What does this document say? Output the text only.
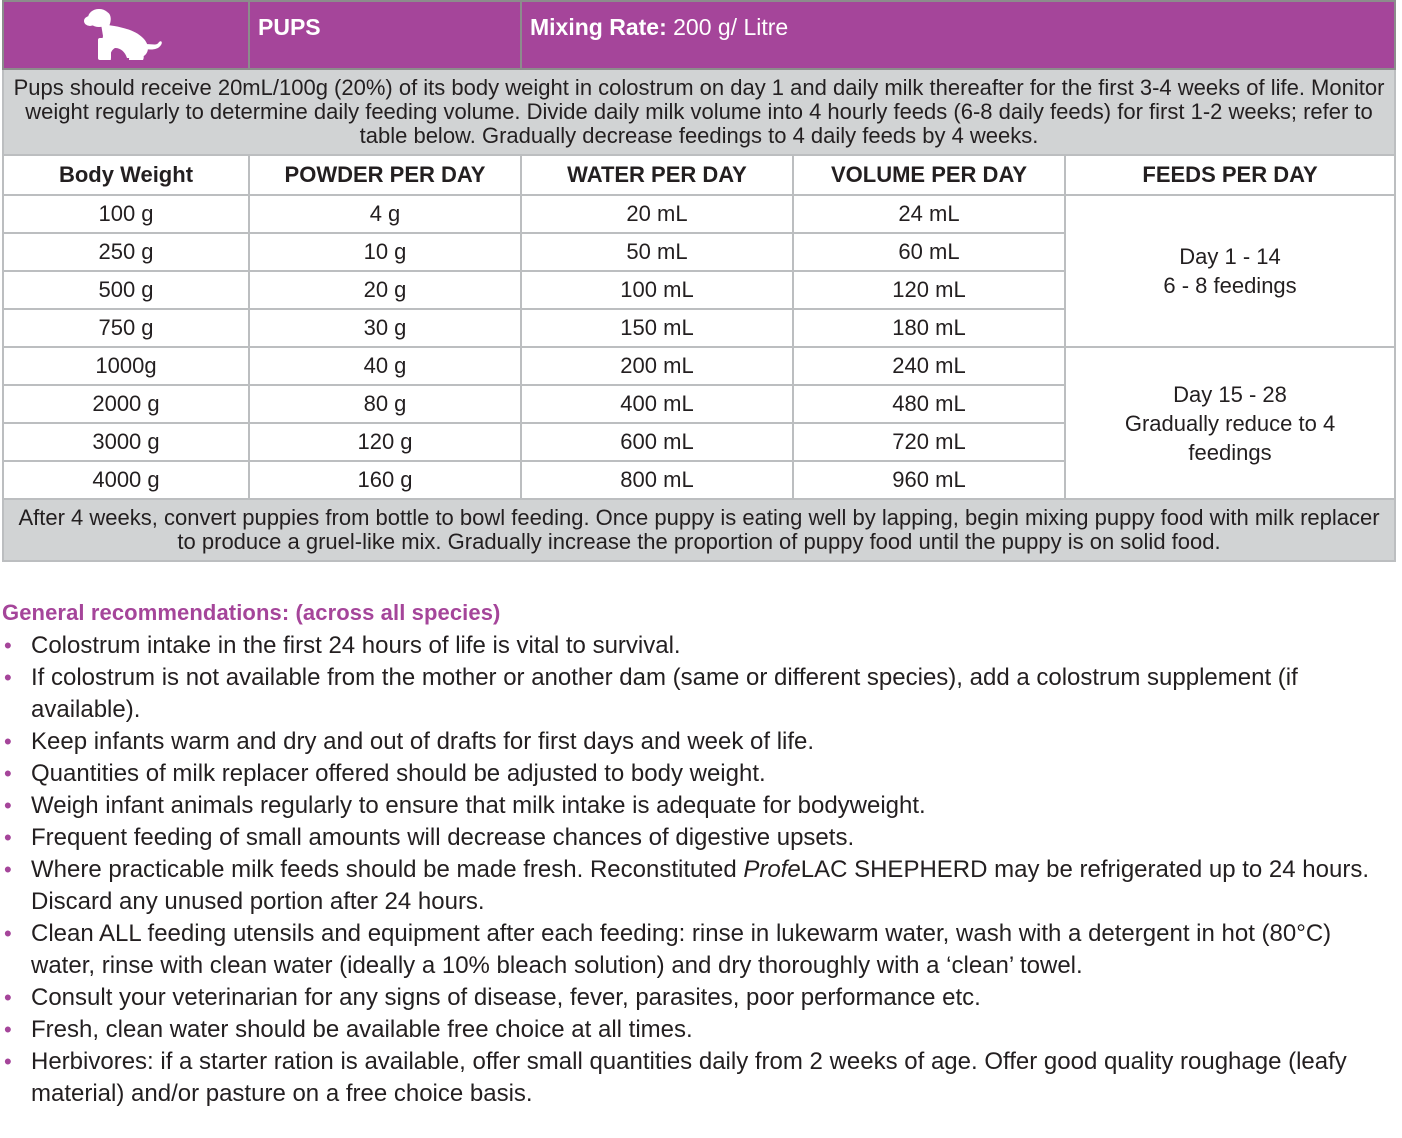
	PUPS	Mixing Rate: 200 g/ Litre		
Pups should receive 20mL/100g (20%) of its body weight in colostrum on day 1 and daily milk thereafter for the first 3-4 weeks of life. Monitor weight regularly to determine daily feeding volume. Divide daily milk volume into 4 hourly feeds (6-8 daily feeds) for first 1-2 weeks; refer to table below. Gradually decrease feedings to 4 daily feeds by 4 weeks.				
Body Weight	POWDER PER DAY	WATER PER DAY	VOLUME PER DAY	FEEDS PER DAY
100 g	4 g	20 mL	24 mL	Day 1 - 14
6 - 8 feedings
250 g	10 g	50 mL	60 mL	
500 g	20 g	100 mL	120 mL	
750 g	30 g	150 mL	180 mL	
1000g	40 g	200 mL	240 mL	Day 15 - 28
Gradually reduce to 4 feedings
2000 g	80 g	400 mL	480 mL	
3000 g	120 g	600 mL	720 mL	
4000 g	160 g	800 mL	960 mL	
After 4 weeks, convert puppies from bottle to bowl feeding. Once puppy is eating well by lapping, begin mixing puppy food with milk replacer to produce a gruel-like mix. Gradually increase the proportion of puppy food until the puppy is on solid food.				
General recommendations: (across all species)
• Colostrum intake in the first 24 hours of life is vital to survival.
• If colostrum is not available from the mother or another dam (same or different species), add a colostrum supplement (if available).
• Keep infants warm and dry and out of drafts for first days and week of life.
• Quantities of milk replacer offered should be adjusted to body weight.
• Weigh infant animals regularly to ensure that milk intake is adequate for bodyweight.
• Frequent feeding of small amounts will decrease chances of digestive upsets.
• Where practicable milk feeds should be made fresh. Reconstituted ProfeLAC SHEPHERD may be refrigerated up to 24 hours. Discard any unused portion after 24 hours.
• Clean ALL feeding utensils and equipment after each feeding: rinse in lukewarm water, wash with a detergent in hot (80°C) water, rinse with clean water (ideally a 10% bleach solution) and dry thoroughly with a ‘clean’ towel.
• Consult your veterinarian for any signs of disease, fever, parasites, poor performance etc.
• Fresh, clean water should be available free choice at all times.
• Herbivores: if a starter ration is available, offer small quantities daily from 2 weeks of age. Offer good quality roughage (leafy material) and/or pasture on a free choice basis.
